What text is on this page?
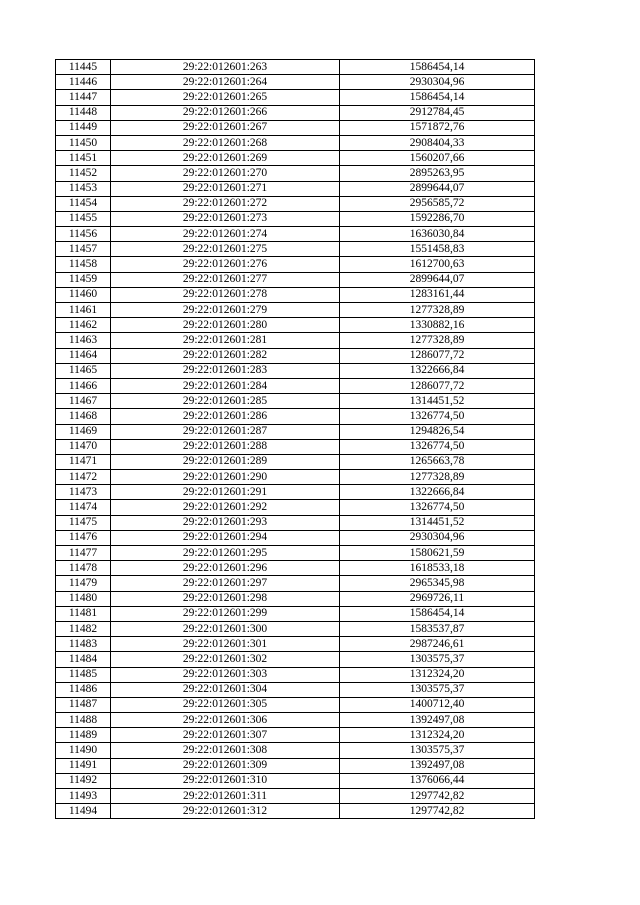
11445	29:22:012601:263	1586454,14
11446	29:22:012601:264	2930304,96
11447	29:22:012601:265	1586454,14
11448	29:22:012601:266	2912784,45
11449	29:22:012601:267	1571872,76
11450	29:22:012601:268	2908404,33
11451	29:22:012601:269	1560207,66
11452	29:22:012601:270	2895263,95
11453	29:22:012601:271	2899644,07
11454	29:22:012601:272	2956585,72
11455	29:22:012601:273	1592286,70
11456	29:22:012601:274	1636030,84
11457	29:22:012601:275	1551458,83
11458	29:22:012601:276	1612700,63
11459	29:22:012601:277	2899644,07
11460	29:22:012601:278	1283161,44
11461	29:22:012601:279	1277328,89
11462	29:22:012601:280	1330882,16
11463	29:22:012601:281	1277328,89
11464	29:22:012601:282	1286077,72
11465	29:22:012601:283	1322666,84
11466	29:22:012601:284	1286077,72
11467	29:22:012601:285	1314451,52
11468	29:22:012601:286	1326774,50
11469	29:22:012601:287	1294826,54
11470	29:22:012601:288	1326774,50
11471	29:22:012601:289	1265663,78
11472	29:22:012601:290	1277328,89
11473	29:22:012601:291	1322666,84
11474	29:22:012601:292	1326774,50
11475	29:22:012601:293	1314451,52
11476	29:22:012601:294	2930304,96
11477	29:22:012601:295	1580621,59
11478	29:22:012601:296	1618533,18
11479	29:22:012601:297	2965345,98
11480	29:22:012601:298	2969726,11
11481	29:22:012601:299	1586454,14
11482	29:22:012601:300	1583537,87
11483	29:22:012601:301	2987246,61
11484	29:22:012601:302	1303575,37
11485	29:22:012601:303	1312324,20
11486	29:22:012601:304	1303575,37
11487	29:22:012601:305	1400712,40
11488	29:22:012601:306	1392497,08
11489	29:22:012601:307	1312324,20
11490	29:22:012601:308	1303575,37
11491	29:22:012601:309	1392497,08
11492	29:22:012601:310	1376066,44
11493	29:22:012601:311	1297742,82
11494	29:22:012601:312	1297742,82
